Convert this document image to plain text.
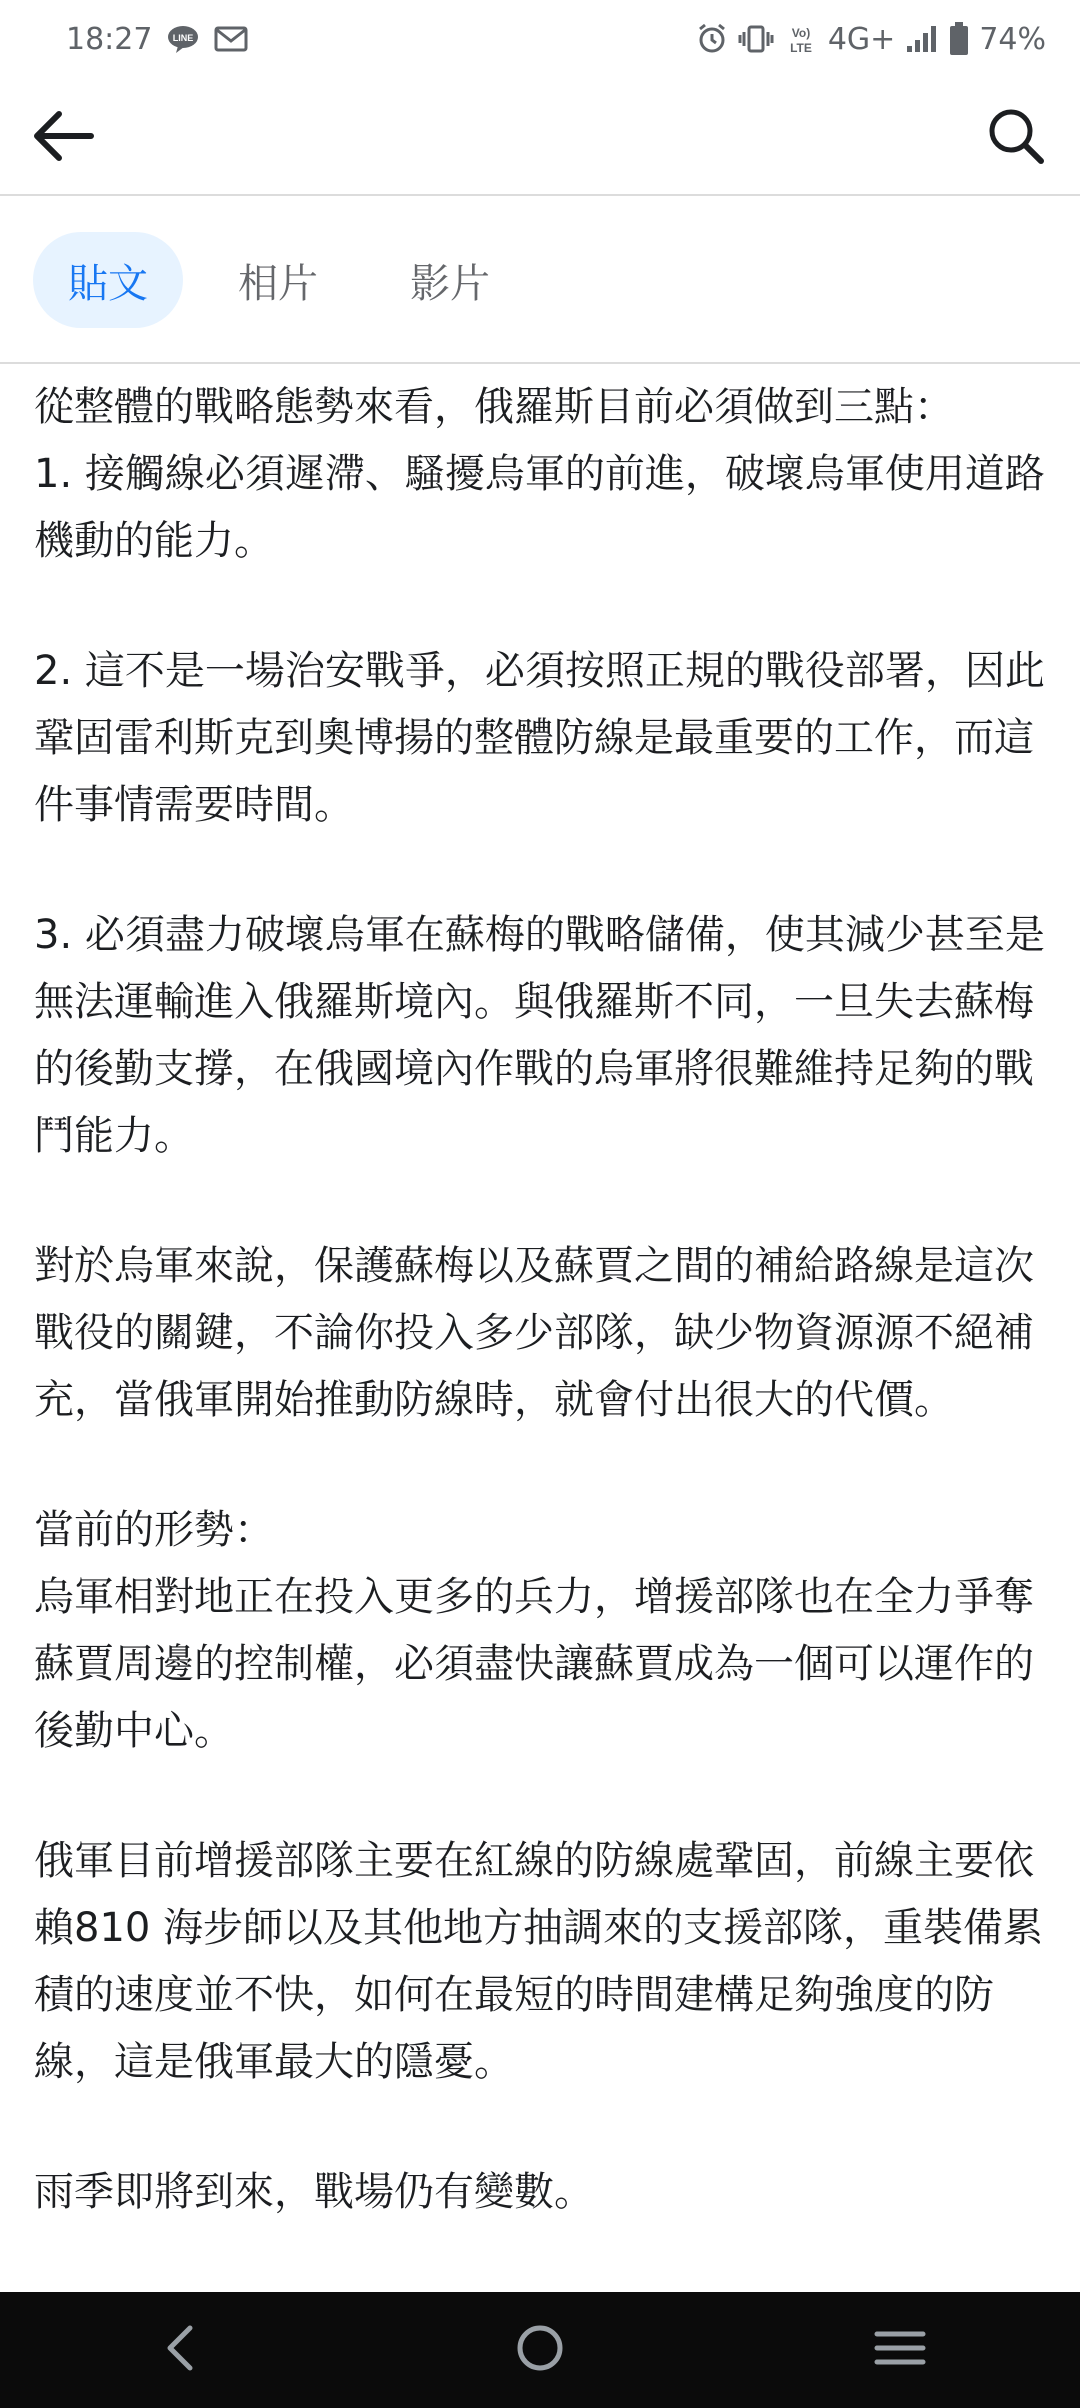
18:27 LINE	Vo)
LTE 4G+	74%
貼文	相片	影片

從整體的戰略態勢來看，俄羅斯目前必須做到三點：
1. 接觸線必須遲滯、騷擾烏軍的前進，破壞烏軍使用道路機動的能力。

2. 這不是一場治安戰爭，必須按照正規的戰役部署，因此鞏固雷利斯克到奧博揚的整體防線是最重要的工作，而這件事情需要時間。

3. 必須盡力破壞烏軍在蘇梅的戰略儲備，使其減少甚至是無法運輸進入俄羅斯境內。與俄羅斯不同，一旦失去蘇梅的後勤支撐，在俄國境內作戰的烏軍將很難維持足夠的戰鬥能力。

對於烏軍來說，保護蘇梅以及蘇賈之間的補給路線是這次戰役的關鍵，不論你投入多少部隊，缺少物資源源不絕補充，當俄軍開始推動防線時，就會付出很大的代價。

當前的形勢：
烏軍相對地正在投入更多的兵力，增援部隊也在全力爭奪蘇賈周邊的控制權，必須盡快讓蘇賈成為一個可以運作的後勤中心。

俄軍目前增援部隊主要在紅線的防線處鞏固，前線主要依賴810 海步師以及其他地方抽調來的支援部隊，重裝備累積的速度並不快，如何在最短的時間建構足夠強度的防線，這是俄軍最大的隱憂。

雨季即將到來，戰場仍有變數。
